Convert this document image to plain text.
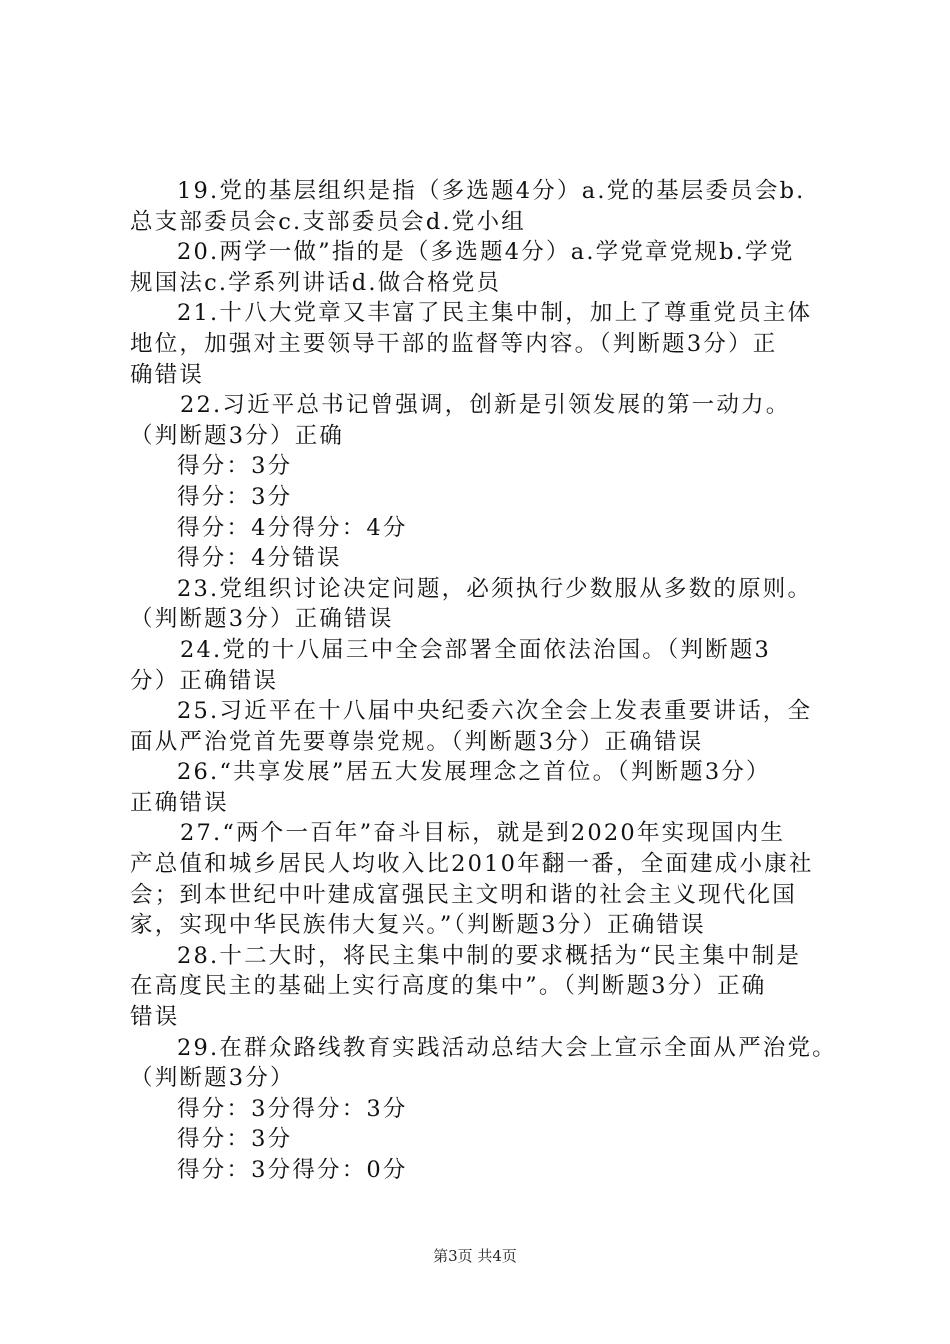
19.党的基层组织是指（多选题4分）a.党的基层委员会b.
总支部委员会c.支部委员会d.党小组
20.两学一做”指的是（多选题4分）a.学党章党规b.学党
规国法c.学系列讲话d.做合格党员
21.十八大党章又丰富了民主集中制，加上了尊重党员主体
地位，加强对主要领导干部的监督等内容。（判断题3分）正
确错误
22.习近平总书记曾强调，创新是引领发展的第一动力。
（判断题3分）正确
得分：3分
得分：3分
得分：4分得分：4分
得分：4分错误
23.党组织讨论决定问题，必须执行少数服从多数的原则。
（判断题3分）正确错误
24.党的十八届三中全会部署全面依法治国。（判断题3
分）正确错误
25.习近平在十八届中央纪委六次全会上发表重要讲话，全
面从严治党首先要尊崇党规。（判断题3分）正确错误
26.“共享发展”居五大发展理念之首位。（判断题3分）
正确错误
27.“两个一百年”奋斗目标，就是到2020年实现国内生
产总值和城乡居民人均收入比2010年翻一番，全面建成小康社
会；到本世纪中叶建成富强民主文明和谐的社会主义现代化国
家，实现中华民族伟大复兴。”（判断题3分）正确错误
28.十二大时，将民主集中制的要求概括为“民主集中制是
在高度民主的基础上实行高度的集中”。（判断题3分）正确
错误
29.在群众路线教育实践活动总结大会上宣示全面从严治党。
（判断题3分）
得分：3分得分：3分
得分：3分
得分：3分得分：0分
第3页 共4页
